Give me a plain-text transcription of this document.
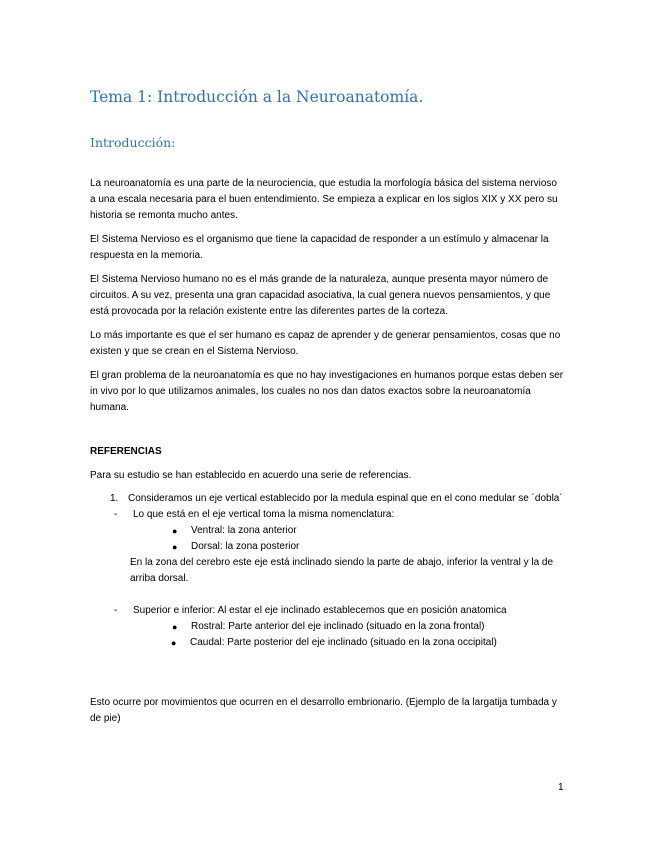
Tema 1: Introducción a la Neuroanatomía.
Introducción:

La neuroanatomía es una parte de la neurociencia, que estudia la morfología básica del sistema nervioso a una escala necesaria para el buen entendimiento. Se empieza a explicar en los siglos XIX y XX pero su historia se remonta mucho antes.

El Sistema Nervioso es el organismo que tiene la capacidad de responder a un estímulo y almacenar la respuesta en la memoria.

El Sistema Nervioso humano no es el más grande de la naturaleza, aunque presenta mayor número de circuitos. A su vez, presenta una gran capacidad asociativa, la cual genera nuevos pensamientos, y que está provocada por la relación existente entre las diferentes partes de la corteza.

Lo más importante es que el ser humano es capaz de aprender y de generar pensamientos, cosas que no existen y que se crean en el Sistema Nervioso.

El gran problema de la neuroanatomía es que no hay investigaciones en humanos porque estas deben ser in vivo por lo que utilizamos animales, los cuales no nos dan datos exactos sobre la neuroanatomía humana.

REFERENCIAS
Para su estudio se han establecido en acuerdo una serie de referencias.
1. Consideramos un eje vertical establecido por la medula espinal que en el cono medular se ´dobla´
- Lo que está en el eje vertical toma la misma nomenclatura:
● Ventral: la zona anterior
● Dorsal: la zona posterior
En la zona del cerebro este eje está inclinado siendo la parte de abajo, inferior la ventral y la de arriba dorsal.
- Superior e inferior: Al estar el eje inclinado establecemos que en posición anatomica
● Rostral: Parte anterior del eje inclinado (situado en la zona frontal)
● Caudal: Parte posterior del eje inclinado (situado en la zona occipital)

Esto ocurre por movimientos que ocurren en el desarrollo embrionario. (Ejemplo de la largatija tumbada y de pie)

1
